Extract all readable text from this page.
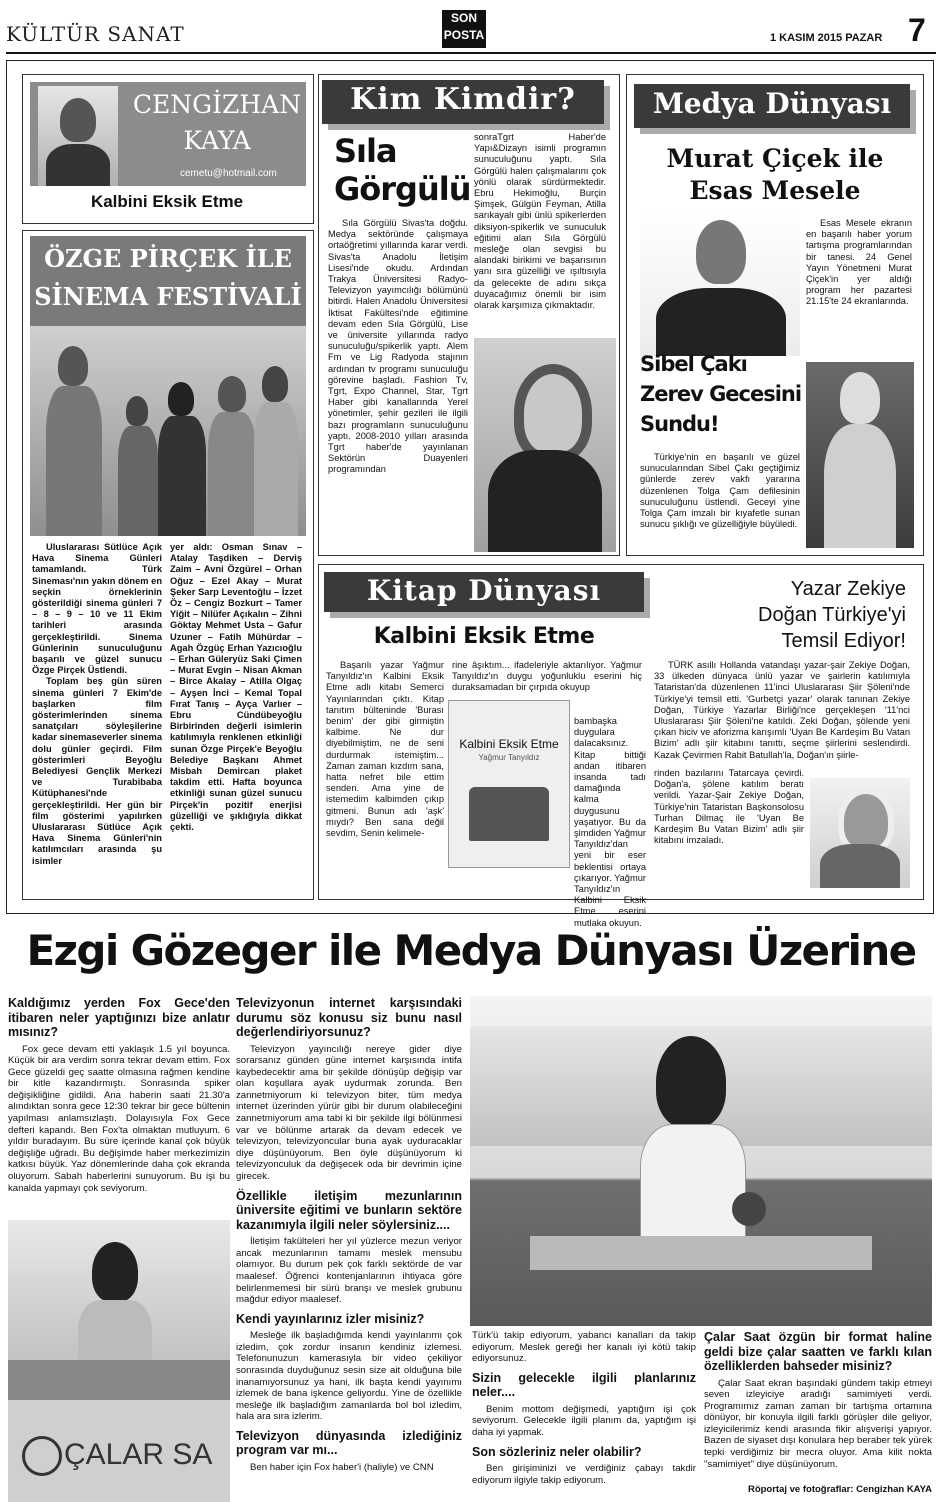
KÜLTÜR SANAT
SON
POSTA	1 KASIM 2015 PAZAR 7
CENGİZHAN
KAYA
cemetu@hotmail.com
Kalbini Eksik Etme
ÖZGE PİRÇEK İLE
SİNEMA FESTİVALİ

Uluslararası Sütlüce Açık Hava Sinema Günleri tamamlandı. Türk Sineması'nın yakın dönem en seçkin örneklerinin gösterildiği sinema günleri 7 – 8 – 9 – 10 ve 11 Ekim tarihleri arasında gerçekleştirildi. Sinema Günlerinin sunuculuğunu başarılı ve güzel sunucu Özge Pirçek Üstlendi.

Toplam beş gün süren sinema günleri 7 Ekim'de başlarken film gösterimlerinden sinema sanatçıları söyleşilerine kadar sinemaseverler sinema dolu günler geçirdi. Film gösterimleri Beyoğlu Belediyesi Gençlik Merkezi ve Turabibaba Kütüphanesi'nde gerçekleştirildi. Her gün bir film gösterimi yapılırken Uluslararası Sütlüce Açık Hava Sinema Günleri'nin katılımcıları arasında şu isimler

yer aldı: Osman Sınav – Atalay Taşdiken – Derviş Zaim – Avni Özgürel – Orhan Oğuz – Ezel Akay – Murat Şeker Sarp Leventoğlu – İzzet Öz – Cengiz Bozkurt – Tamer Yiğit – Nilüfer Açıkalın – Zihni Göktay Mehmet Usta – Gafur Uzuner – Fatih Mühürdar – Agah Özgüç Erhan Yazıcıoğlu – Erhan Güleryüz Saki Çimen – Murat Evgin – Nisan Akman – Birce Akalay – Atilla Olgaç – Ayşen İnci – Kemal Topal Fırat Tanış – Ayça Varlıer – Ebru Cündübeyoğlu Birbirinden değerli isimlerin katılımıyla renklenen etkinliği sunan Özge Pirçek'e Beyoğlu Belediye Başkanı Ahmet Misbah Demircan plaket takdim etti. Hafta boyunca etkinliği sunan güzel sunucu Pirçek'in pozitif enerjisi güzelliği ve şıklığıyla dikkat çekti.

Kim Kimdir?
Sıla
Görgülü

Sıla Görgülü Sivas'ta doğdu. Medya sektöründe çalışmaya ortaöğretimi yıllarında karar verdi. Sivas'ta Anadolu İletişim Lisesi'nde okudu. Ardından Trakya Üniversitesi Radyo- Televizyon yayımcılığı bölümünü bitirdi. Halen Anadolu Üniversitesi İktisat Fakültesi'nde eğitimine devam eden Sıla Görgülü, Lise ve üniversite yıllarında radyo sunuculuğu/spikerlik yaptı. Alem Fm ve Lig Radyoda stajının ardından tv programı sunuculuğu görevine başladı. Fashion Tv, Tgrt, Expo Channel, Star, Tgrt Haber gibi kanallarında Yerel yönetimler, şehir gezileri ile ilgili bazı programların sunuculuğunu yaptı. 2008-2010 yılları arasında Tgrt haber'de yayınlanan Sektörün Duayenleri programından

sonraTgrt Haber'de Yapı&Dizayn isimli programın sunuculuğunu yaptı. Sıla Görgülü halen çalışmalarını çok yönlü olarak sürdürmektedir. Ebru Hekimoğlu, Burçin Şimşek, Gülgün Feyman, Atilla sarıkayalı gibi ünlü spikerlerden diksiyon-spikerlik ve sunuculuk eğitimi alan Sıla Görgülü mesleğe olan sevgisi bu alandaki birikimi ve başarısının yanı sıra güzelliği ve ışıltısıyla da gelecekte de adını sıkça duyacağımız önemli bir isim olarak karşımıza çıkmaktadır.

Medya Dünyası
Murat Çiçek ile
Esas Mesele

Esas Mesele ekranın en başarılı haber yorum tartışma programlarından bir tanesi. 24 Genel Yayın Yönetmeni Murat Çiçek'in yer aldığı program her pazartesi 21.15'te 24 ekranlarında.

Sibel Çakı
Zerev Gecesini
Sundu!

Türkiye'nin en başarılı ve güzel sunucularından Sibel Çakı geçtiğimiz günlerde zerev vakfı yararına düzenlenen Tolga Çam defilesinin sunuculuğunu üstlendi. Geceyi yine Tolga Çam imzalı bir kıyafetle sunan sunucu şıklığı ve güzelliğiyle büyüledi.

Kitap Dünyası
Kalbini Eksik Etme

Başarılı yazar Yağmur Tanyıldız'ın Kalbini Eksik Etme adlı kitabı Semerci Yayınlarından çıktı. Kitap tanıtım bülteninde 'Burası benim' der gibi girmiştin kalbime. Ne dur diyebilmiştim, ne de seni durdurmak istemiştim... Zaman zaman kızdım sana, hatta nefret bile ettim senden. Ama yine de istemedim kalbimden çıkıp gitmeni. Bunun adı 'aşk' mıydı? Ben sana değil sevdim, Senin kelimele-

rine âşıktım... ifadeleriyle aktarılıyor. Yağmur Tanyıldız'ın duygu yoğunluklu eserini hiç duraksamadan bir çırpıda okuyup

Kalbini Eksik Etme
Yağmur Tanyıldız

bambaşka duygulara dalacaksınız. Kitap bittiği andan itibaren insanda tadı damağında kalma duygusunu yaşatıyor. Bu da şimdiden Yağmur Tanyıldız'dan yeni bir eser beklentisi ortaya çıkarıyor. Yağmur Tanyıldız'ın Kalbini Eksik Etme eserini mutlaka okuyun.

Yazar Zekiye
Doğan Türkiye'yi
Temsil Ediyor!

TÜRK asıllı Hollanda vatandaşı yazar-şair Zekiye Doğan, 33 ülkeden dünyaca ünlü yazar ve şairlerin katılımıyla Tataristan'da düzenlenen 11'inci Uluslararası Şiir Şöleni'nde Türkiye'yi temsil etti. 'Gurbetçi yazar' olarak tanınan Zekiye Doğan, Türkiye Yazarlar Birliği'nce gerçekleşen '11'nci Uluslararası Şiir Şöleni'ne katıldı. Zeki Doğan, şölende yeni çıkan hiciv ve aforizma karışımlı 'Uyan Be Kardeşim Bu Vatan Bizim' adlı şiir kitabını tanıttı, seçme şiirlerini seslendirdi. Kazak Çevirmen Rabit Batullah'la, Doğan'ın şiirle-

rinden bazılarını Tatarcaya çevirdi. Doğan'a, şölene katılım beratı verildi. Yazar-Şair Zekiye Doğan, Türkiye'nin Tataristan Başkonsolosu Turhan Dilmaç ile 'Uyan Be Kardeşim Bu Vatan Bizim' adlı şiir kitabını imzaladı.

Ezgi Gözeger ile Medya Dünyası Üzerine
Kaldığımız yerden Fox Gece'den itibaren neler yaptığınızı bize anlatır mısınız?

Fox gece devam etti yaklaşık 1.5 yıl boyunca. Küçük bir ara verdim sonra tekrar devam ettim. Fox Gece güzeldi geç saatte olmasına rağmen kendine bir kitle kazandırmıştı. Sonrasında spiker değişikliğine gidildi. Ana haberin saati 21.30'a alındıktan sonra gece 12:30 tekrar bir gece bültenin yapılması anlamsızlaştı. Dolayısıyla Fox Gece defteri kapandı. Ben Fox'ta olmaktan mutluyum. 6 yıldır buradayım. Bu süre içerinde kanal çok büyük değişliğe uğradı. Bu değişimde haber merkezimizin katkısı büyük. Yaz dönemlerinde daha çok ekranda oluyorum. Sabah haberlerini sunuyorum. Bu işi bu kanalda yapmayı çok seviyorum.

ÇALAR SA
Televizyonun internet karşısındaki durumu söz konusu siz bunu nasıl değerlendiriyorsunuz?

Televizyon yayıncılığı nereye gider diye sorarsanız günden güne internet karşısında intifa kaybedecektir ama bir şekilde dönüşüp değişip var olan koşullara ayak uydurmak zorunda. Ben zannetmiyorum ki televizyon biter, tüm medya internet üzerinden yürür gibi bir durum olabileceğini zannetmiyorum ama tabi ki bir şekilde ilgi bölünmesi var ve bölünme artarak da devam edecek ve televizyon, televizyoncular buna ayak uyduracaklar diye düşünüyorum. Ben öyle düşünüyorum ki televizyonculuk da değişecek oda bir devrimin içine girecek.

Özellikle iletişim mezunlarının üniversite eğitimi ve bunların sektöre kazanımıyla ilgili neler söylersiniz....

İletişim fakülteleri her yıl yüzlerce mezun veriyor ancak mezunlarının tamamı meslek mensubu olamıyor. Bu durum pek çok farklı sektörde de var maalesef. Öğrenci kontenjanlarının ihtiyaca göre belirlenmemesi bir sürü branşı ve meslek grubunu mağdur ediyor maalesef.

Kendi yayınlarınız izler misiniz?

Mesleğe ilk başladığımda kendi yayınlarımı çok izledim, çok zordur insanın kendiniz izlemesi. Telefonunuzun kamerasıyla bir video çekiliyor sonrasında duyduğunuz sesin size ait olduğuna bile inanamıyorsunuz ya hani, ilk başta kendi yayınımı izlemek de bana işkence geliyordu. Yine de özellikle mesleğe ilk başladığım zamanlarda bol bol izledim, hala ara sıra izlerim.

Televizyon dünyasında izlediğiniz program var mı...

Ben haber için Fox haber'i (haliyle) ve CNN

Türk'ü takip ediyorum, yabancı kanalları da takip ediyorum. Meslek gereği her kanalı iyi kötü takip ediyorsunuz.

Sizin gelecekle ilgili planlarınız neler....

Benim mottom değişmedi, yaptığım işi çok seviyorum. Gelecekle ilgili planım da, yaptığım işi daha iyi yapmak.

Son sözleriniz neler olabilir?

Ben girişiminizi ve verdiğiniz çabayı takdir ediyorum ilgiyle takip ediyorum.

Çalar Saat özgün bir format haline geldi bize çalar saatten ve farklı kılan özelliklerden bahseder misiniz?

Çalar Saat ekran başındaki gündem takip etmeyi seven izleyiciye aradığı samimiyeti verdi. Programımız zaman zaman bir tartışma ortamına dönüyor, bir konuyla ilgili farklı görüşler dile geliyor, izleyicilerimiz kendi arasında fikir alışverişi yapıyor. Bazen de siyaset dışı konulara hep beraber tek yürek tepki verdiğimiz bir mecra oluyor. Ama kilit nokta "samimiyet" diye düşünüyorum.

Röportaj ve fotoğraflar: Cengizhan KAYA
